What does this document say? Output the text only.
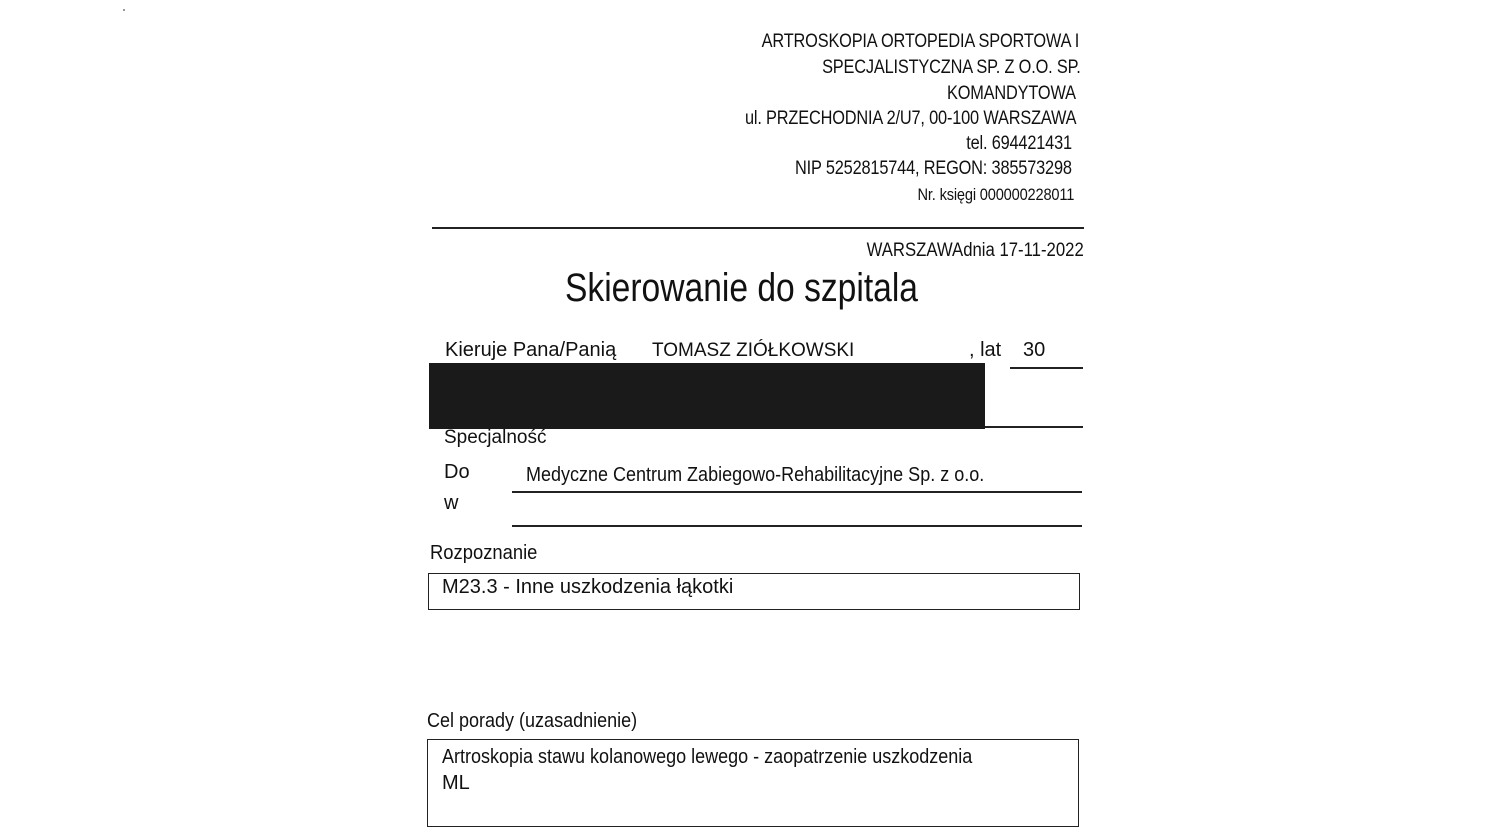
ARTROSKOPIA ORTOPEDIA SPORTOWA I
SPECJALISTYCZNA SP. Z O.O. SP.
KOMANDYTOWA
ul. PRZECHODNIA 2/U7, 00-100 WARSZAWA
tel. 694421431
NIP 5252815744, REGON: 385573298
Nr. księgi 000000228011
WARSZAWAdnia 17-11-2022
Skierowanie do szpitala
Kieruje Pana/Panią TOMASZ ZIÓŁKOWSKI	, lat 30
Specjalność
Do	Medyczne Centrum Zabiegowo-Rehabilitacyjne Sp. z o.o.
w
Rozpoznanie
M23.3 - Inne uszkodzenia łąkotki
Cel porady (uzasadnienie)
Artroskopia stawu kolanowego lewego - zaopatrzenie uszkodzenia
ML
